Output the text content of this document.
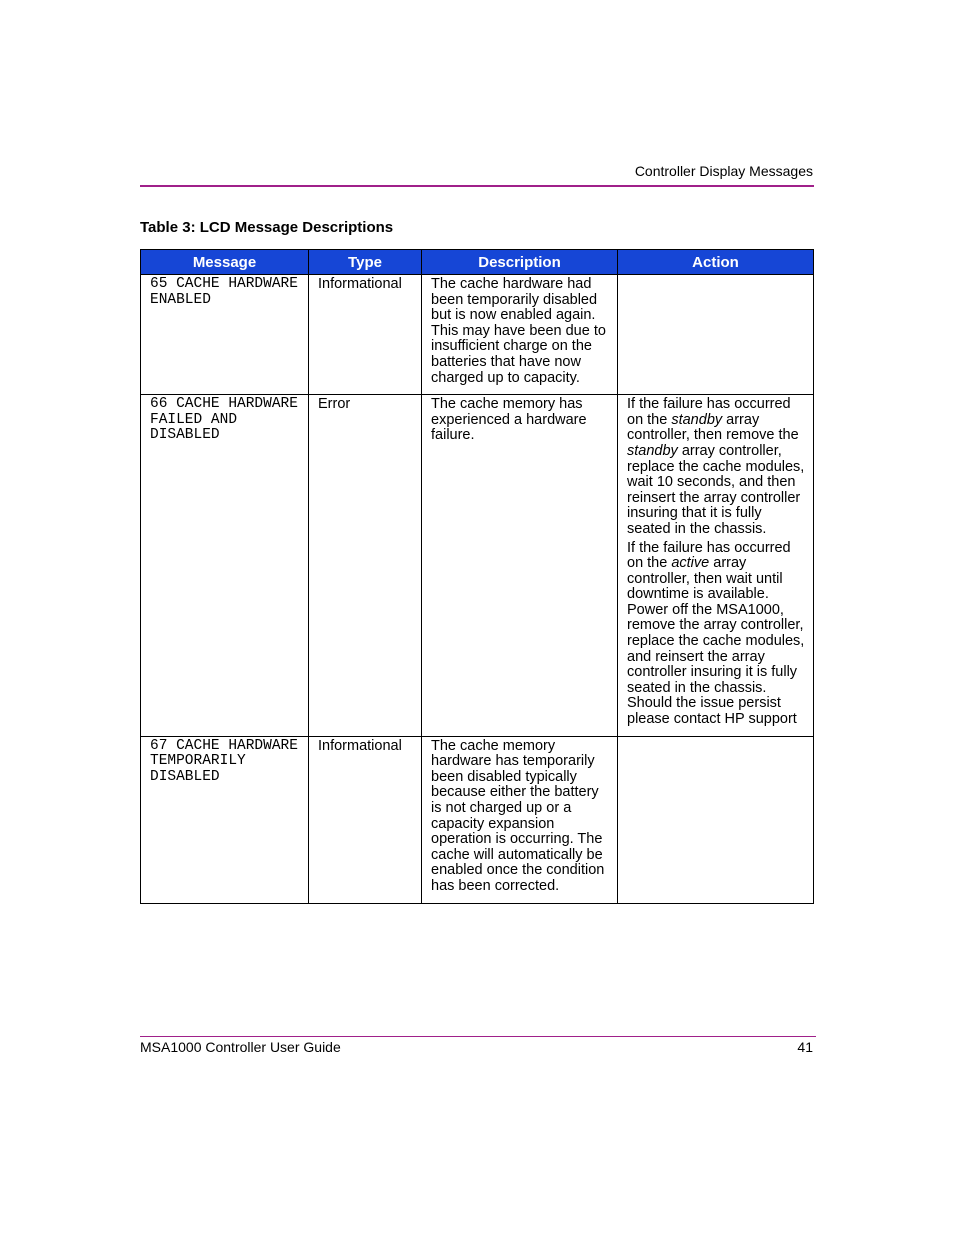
Controller Display Messages
Table 3: LCD Message Descriptions
Message	Type	Description	Action
65 CACHE HARDWARE ENABLED	Informational	The cache hardware had been temporarily disabled but is now enabled again. This may have been due to insufficient charge on the batteries that have now charged up to capacity.	
66 CACHE HARDWARE FAILED AND DISABLED	Error	The cache memory has experienced a hardware failure.	If the failure has occurred on the standby array controller, then remove the standby array controller, replace the cache modules, wait 10 seconds, and then reinsert the array controller insuring that it is fully seated in the chassis.

If the failure has occurred on the active array controller, then wait until downtime is available. Power off the MSA1000, remove the array controller, replace the cache modules, and reinsert the array controller insuring it is fully seated in the chassis. Should the issue persist please contact HP support

67 CACHE HARDWARE TEMPORARILY DISABLED	Informational	The cache memory hardware has temporarily been disabled typically because either the battery is not charged up or a capacity expansion operation is occurring. The cache will automatically be enabled once the condition has been corrected.	
MSA1000 Controller User Guide	41
